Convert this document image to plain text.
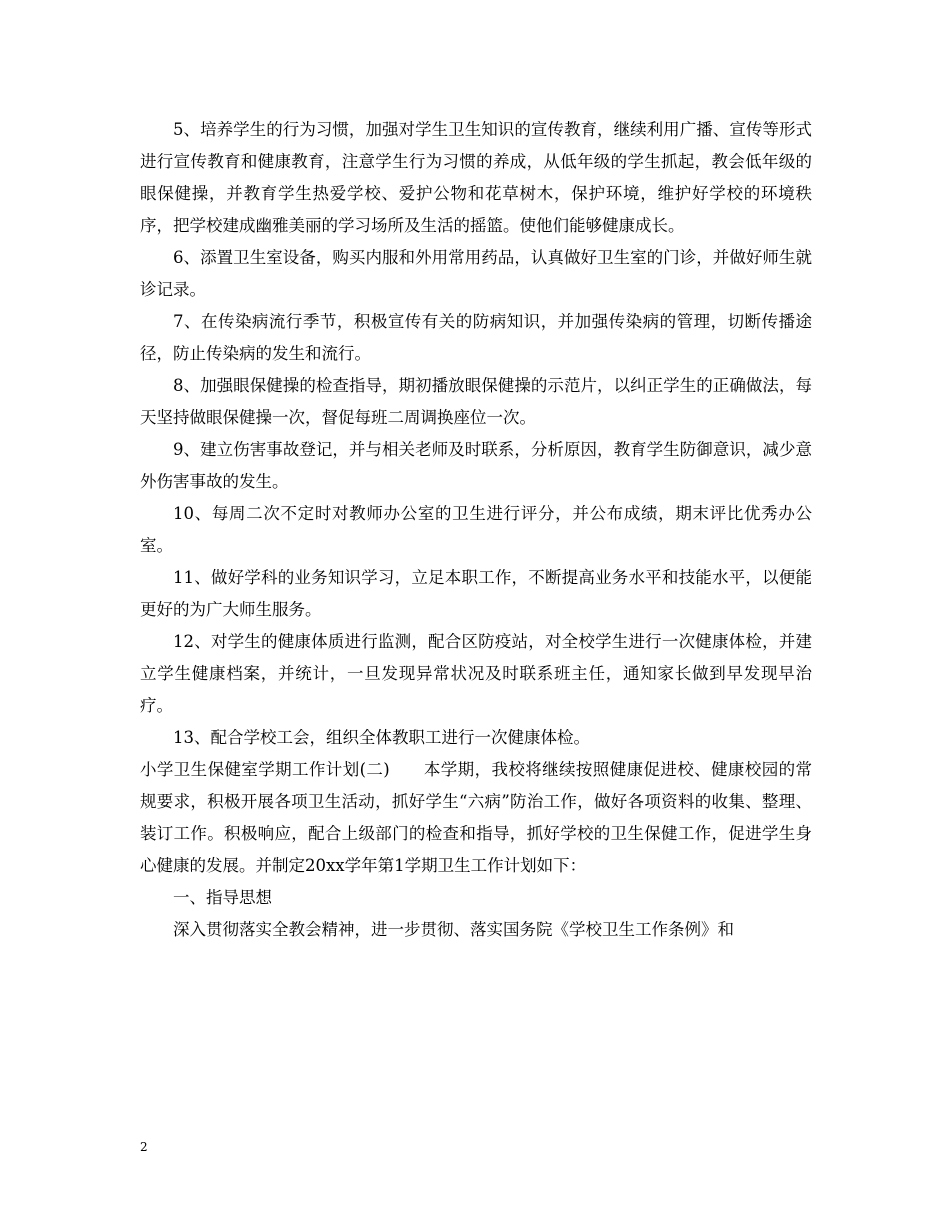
5、培养学生的行为习惯，加强对学生卫生知识的宣传教育，继续利用广播、宣传等形式进行宣传教育和健康教育，注意学生行为习惯的养成，从低年级的学生抓起，教会低年级的眼保健操，并教育学生热爱学校、爱护公物和花草树木，保护环境，维护好学校的环境秩序，把学校建成幽雅美丽的学习场所及生活的摇篮。使他们能够健康成长。

6、添置卫生室设备，购买内服和外用常用药品，认真做好卫生室的门诊，并做好师生就诊记录。

7、在传染病流行季节，积极宣传有关的防病知识，并加强传染病的管理，切断传播途径，防止传染病的发生和流行。

8、加强眼保健操的检查指导，期初播放眼保健操的示范片，以纠正学生的正确做法，每天坚持做眼保健操一次，督促每班二周调换座位一次。

9、建立伤害事故登记，并与相关老师及时联系，分析原因，教育学生防御意识，减少意外伤害事故的发生。

10、每周二次不定时对教师办公室的卫生进行评分，并公布成绩，期末评比优秀办公室。

11、做好学科的业务知识学习，立足本职工作，不断提高业务水平和技能水平，以便能更好的为广大师生服务。

12、对学生的健康体质进行监测，配合区防疫站，对全校学生进行一次健康体检，并建立学生健康档案，并统计，一旦发现异常状况及时联系班主任，通知家长做到早发现早治疗。

13、配合学校工会，组织全体教职工进行一次健康体检。

小学卫生保健室学期工作计划(二)　　本学期，我校将继续按照健康促进校、健康校园的常规要求，积极开展各项卫生活动，抓好学生“六病”防治工作，做好各项资料的收集、整理、装订工作。积极响应，配合上级部门的检查和指导，抓好学校的卫生保健工作，促进学生身心健康的发展。并制定20xx学年第1学期卫生工作计划如下：

一、指导思想

深入贯彻落实全教会精神，进一步贯彻、落实国务院《学校卫生工作条例》和

2
